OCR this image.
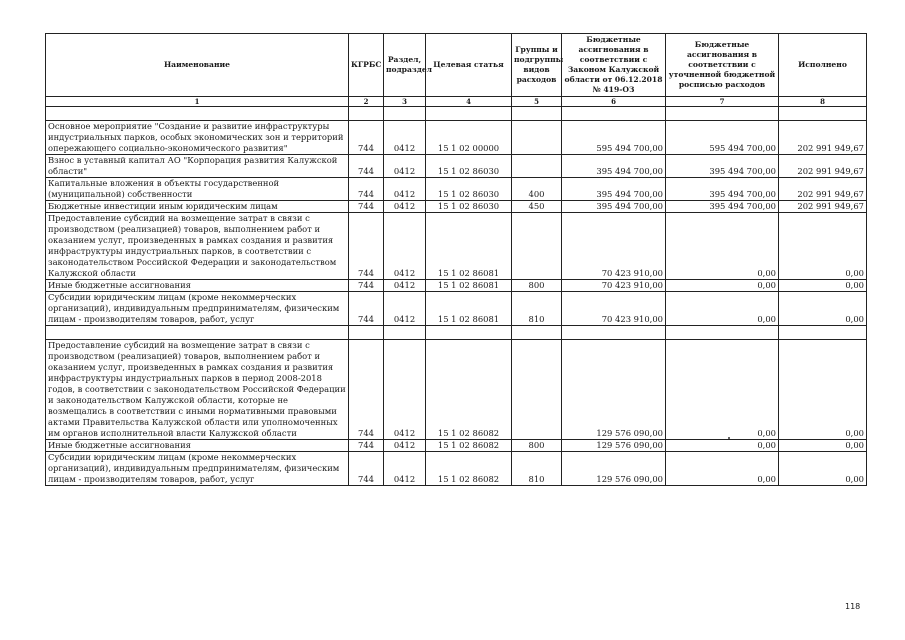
Наименование	КГРБС	Раздел, подраздел	Целевая статья	Группы и подгруппы видов расходов	Бюджетные ассигнования в соответствии с Законом Калужской области от 06.12.2018 № 419-ОЗ	Бюджетные ассигнования в соответствии с уточненной бюджетной росписью расходов	Исполнено
1	2	3	4	5	6	7	8

Основное мероприятие "Создание и развитие инфраструктуры индустриальных парков, особых экономических зон и территорий опережающего социально-экономического развития"	744	0412	15 1 02 00000		595 494 700,00	595 494 700,00	202 991 949,67
Взнос в уставный капитал АО "Корпорация развития Калужской области"	744	0412	15 1 02 86030		395 494 700,00	395 494 700,00	202 991 949,67
Капитальные вложения в объекты государственной (муниципальной) собственности	744	0412	15 1 02 86030	400	395 494 700,00	395 494 700,00	202 991 949,67
Бюджетные инвестиции иным юридическим лицам	744	0412	15 1 02 86030	450	395 494 700,00	395 494 700,00	202 991 949,67
Предоставление субсидий на возмещение затрат в связи с производством (реализацией) товаров, выполнением работ и оказанием услуг, произведенных в рамках создания и развития инфраструктуры индустриальных парков, в соответствии с законодательством Российской Федерации и законодательством Калужской области	744	0412	15 1 02 86081		70 423 910,00	0,00	0,00
Иные бюджетные ассигнования	744	0412	15 1 02 86081	800	70 423 910,00	0,00	0,00
Субсидии юридическим лицам (кроме некоммерческих организаций), индивидуальным предпринимателям, физическим лицам - производителям товаров, работ, услуг	744	0412	15 1 02 86081	810	70 423 910,00	0,00	0,00

Предоставление субсидий на возмещение затрат в связи с производством (реализацией) товаров, выполнением работ и оказанием услуг, произведенных в рамках создания и развития инфраструктуры индустриальных парков в период 2008-2018 годов, в соответствии с законодательством Российской Федерации и законодательством Калужской области, которые не возмещались в соответствии с иными нормативными правовыми актами Правительства Калужской области или уполномоченных им органов исполнительной власти Калужской области	744	0412	15 1 02 86082		129 576 090,00	0,00	0,00
Иные бюджетные ассигнования	744	0412	15 1 02 86082	800	129 576 090,00	0,00	0,00
Субсидии юридическим лицам (кроме некоммерческих организаций), индивидуальным предпринимателям, физическим лицам - производителям товаров, работ, услуг	744	0412	15 1 02 86082	810	129 576 090,00	0,00	0,00
118
